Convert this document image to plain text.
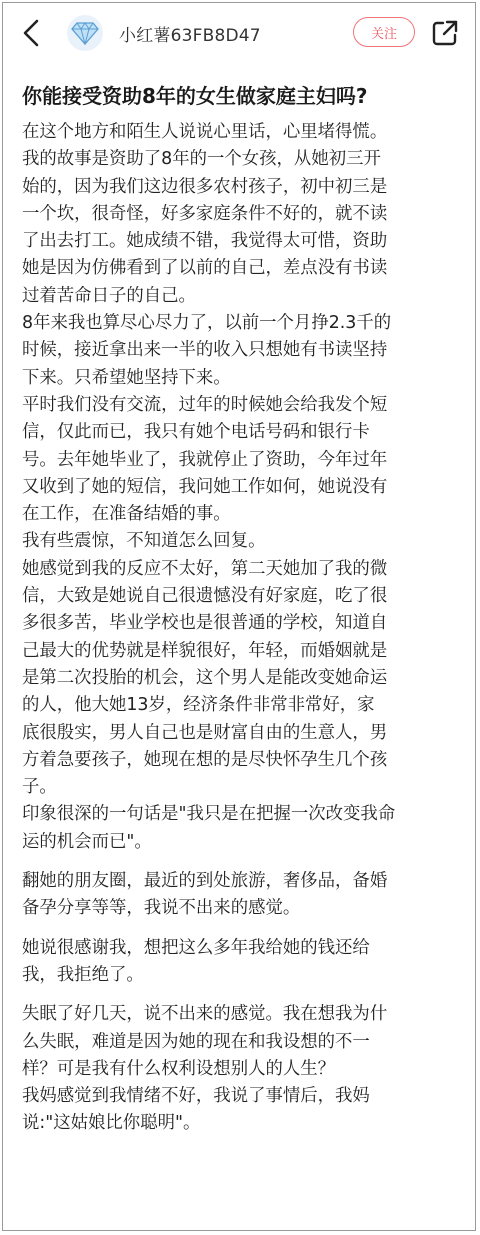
小红薯63FB8D47	关注
你能接受资助8年的女生做家庭主妇吗?

在这个地方和陌生人说说心里话，心里堵得慌。

我的故事是资助了8年的一个女孩，从她初三开
始的，因为我们这边很多农村孩子，初中初三是
一个坎，很奇怪，好多家庭条件不好的，就不读
了出去打工。她成绩不错，我觉得太可惜，资助
她是因为仿佛看到了以前的自己，差点没有书读
过着苦命日子的自己。

8年来我也算尽心尽力了，以前一个月挣2.3千的
时候，接近拿出来一半的收入只想她有书读坚持
下来。只希望她坚持下来。

平时我们没有交流，过年的时候她会给我发个短
信，仅此而已，我只有她个电话号码和银行卡
号。去年她毕业了，我就停止了资助，今年过年
又收到了她的短信，我问她工作如何，她说没有
在工作，在准备结婚的事。

我有些震惊，不知道怎么回复。

她感觉到我的反应不太好，第二天她加了我的微
信，大致是她说自己很遗憾没有好家庭，吃了很
多很多苦，毕业学校也是很普通的学校，知道自
己最大的优势就是样貌很好，年轻，而婚姻就是
是第二次投胎的机会，这个男人是能改变她命运
的人，他大她13岁，经济条件非常非常好，家
底很殷实，男人自己也是财富自由的生意人，男
方着急要孩子，她现在想的是尽快怀孕生几个孩
子。

印象很深的一句话是"我只是在把握一次改变我命
运的机会而已"。

翻她的朋友圈，最近的到处旅游，奢侈品，备婚
备孕分享等等，我说不出来的感觉。

她说很感谢我，想把这么多年我给她的钱还给
我，我拒绝了。

失眠了好几天，说不出来的感觉。我在想我为什
么失眠，难道是因为她的现在和我设想的不一
样？可是我有什么权利设想别人的人生？

我妈感觉到我情绪不好，我说了事情后，我妈
说:"这姑娘比你聪明"。
